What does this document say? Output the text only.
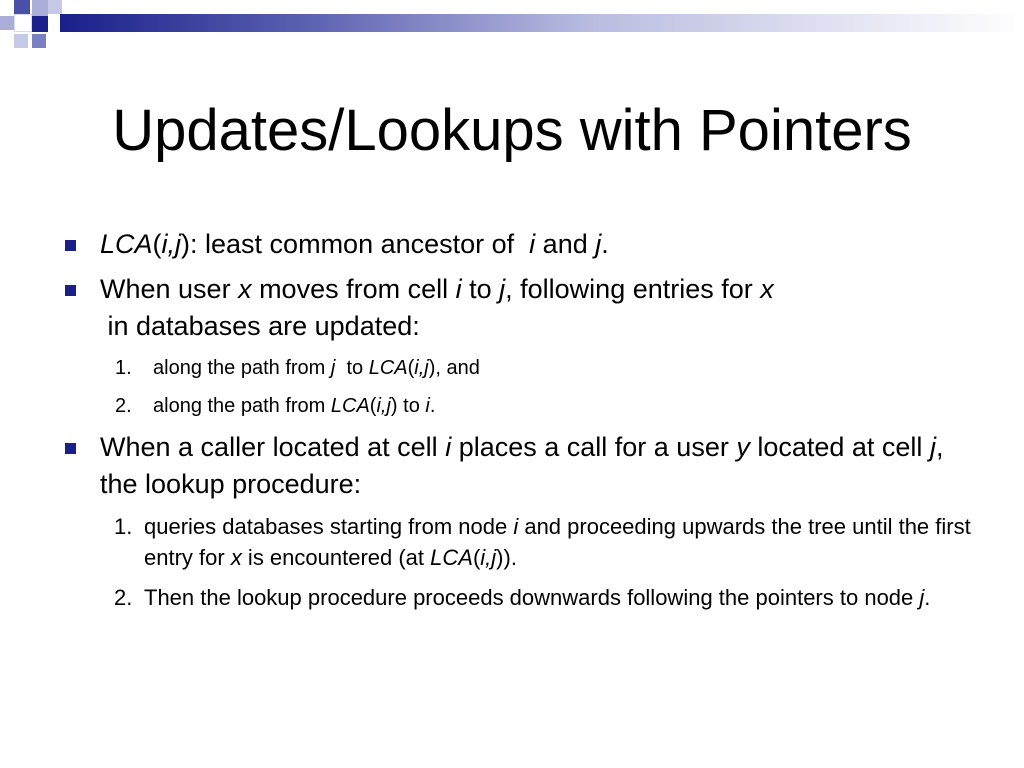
Updates/Lookups with Pointers
LCA(i,j): least common ancestor of  i and j.
When user x moves from cell i to j, following entries for x in databases are updated:
1.	along the path from j  to LCA(i,j), and
2.	along the path from LCA(i,j) to i.
When a caller located at cell i places a call for a user y located at cell j, the lookup procedure:
1. queries databases starting from node i and proceeding upwards the tree until the first entry for x is encountered (at LCA(i,j)).
2. Then the lookup procedure proceeds downwards following the pointers to node j.
